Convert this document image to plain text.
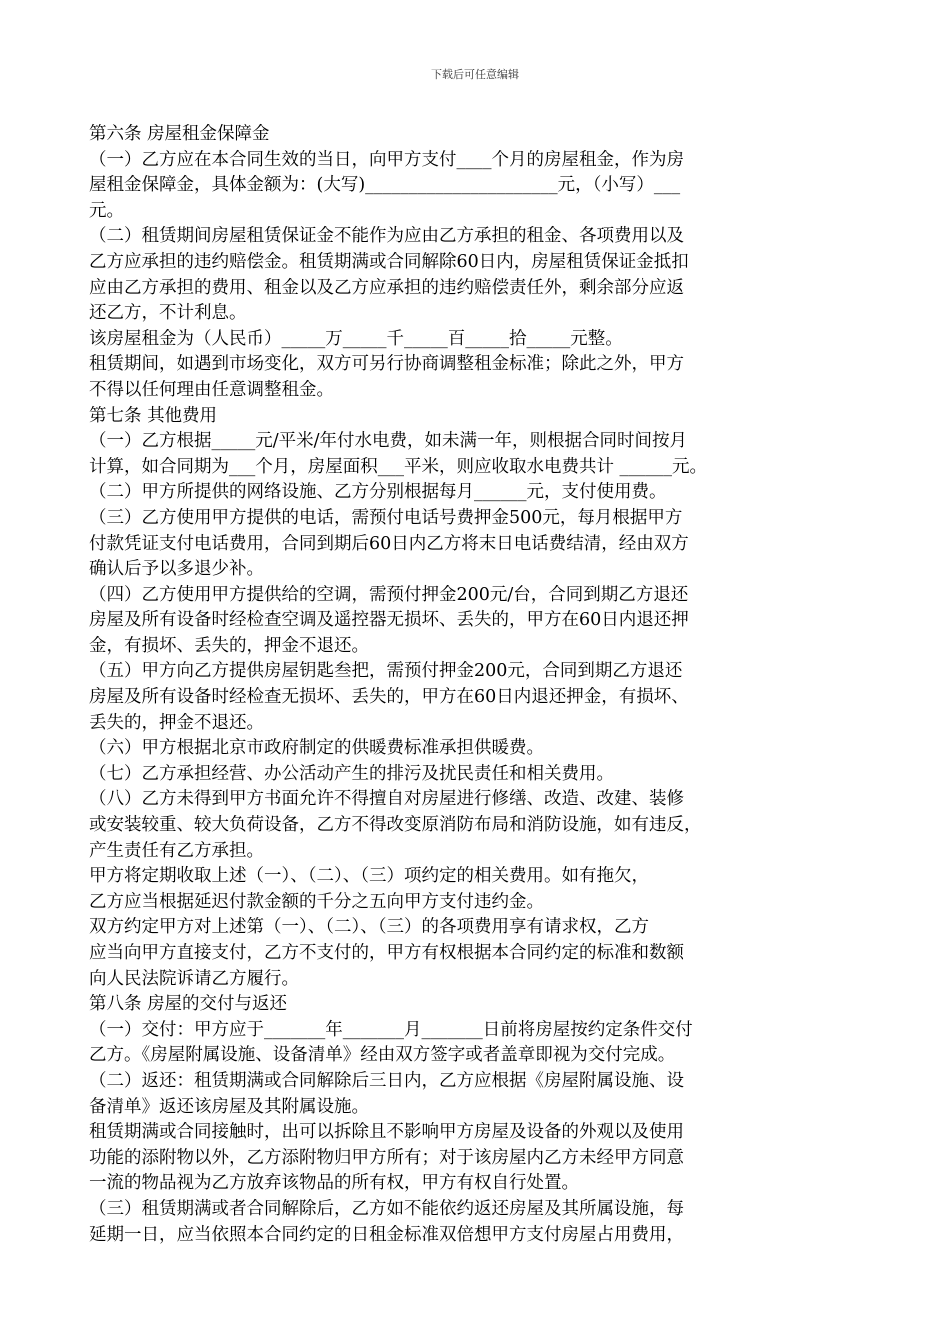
下载后可任意编辑
第六条 房屋租金保障金
（一）乙方应在本合同生效的当日，向甲方支付____个月的房屋租金，作为房
屋租金保障金，具体金额为：(大写)______________________元，（小写）___
元。
（二）租赁期间房屋租赁保证金不能作为应由乙方承担的租金、各项费用以及
乙方应承担的违约赔偿金。租赁期满或合同解除60日内，房屋租赁保证金抵扣
应由乙方承担的费用、租金以及乙方应承担的违约赔偿责任外，剩余部分应返
还乙方，不计利息。
该房屋租金为（人民币）_____万_____千_____百_____拾_____元整。
租赁期间，如遇到市场变化，双方可另行协商调整租金标准；除此之外，甲方
不得以任何理由任意调整租金。
第七条 其他费用
（一）乙方根据_____元/平米/年付水电费，如未满一年，则根据合同时间按月
计算，如合同期为___个月，房屋面积___平米，则应收取水电费共计 ______元。
（二）甲方所提供的网络设施、乙方分别根据每月______元，支付使用费。
（三）乙方使用甲方提供的电话，需预付电话号费押金500元，每月根据甲方
付款凭证支付电话费用，合同到期后60日内乙方将末日电话费结清，经由双方
确认后予以多退少补。
（四）乙方使用甲方提供给的空调，需预付押金200元/台，合同到期乙方退还
房屋及所有设备时经检查空调及遥控器无损坏、丢失的，甲方在60日内退还押
金，有损坏、丢失的，押金不退还。
（五）甲方向乙方提供房屋钥匙叁把，需预付押金200元，合同到期乙方退还
房屋及所有设备时经检查无损坏、丢失的，甲方在60日内退还押金，有损坏、
丢失的，押金不退还。
（六）甲方根据北京市政府制定的供暖费标准承担供暖费。
（七）乙方承担经营、办公活动产生的排污及扰民责任和相关费用。
（八）乙方未得到甲方书面允许不得擅自对房屋进行修缮、改造、改建、装修
或安装较重、较大负荷设备，乙方不得改变原消防布局和消防设施，如有违反，
产生责任有乙方承担。
甲方将定期收取上述（一）、（二）、（三）项约定的相关费用。如有拖欠，
乙方应当根据延迟付款金额的千分之五向甲方支付违约金。
双方约定甲方对上述第（一）、（二）、（三）的各项费用享有请求权，乙方
应当向甲方直接支付，乙方不支付的，甲方有权根据本合同约定的标准和数额
向人民法院诉请乙方履行。
第八条 房屋的交付与返还
（一）交付：甲方应于_______年_______月_______日前将房屋按约定条件交付
乙方。《房屋附属设施、设备清单》经由双方签字或者盖章即视为交付完成。
（二）返还：租赁期满或合同解除后三日内，乙方应根据《房屋附属设施、设
备清单》返还该房屋及其附属设施。
租赁期满或合同接触时，出可以拆除且不影响甲方房屋及设备的外观以及使用
功能的添附物以外，乙方添附物归甲方所有；对于该房屋内乙方未经甲方同意
一流的物品视为乙方放弃该物品的所有权，甲方有权自行处置。
（三）租赁期满或者合同解除后，乙方如不能依约返还房屋及其所属设施，每
延期一日，应当依照本合同约定的日租金标准双倍想甲方支付房屋占用费用，
